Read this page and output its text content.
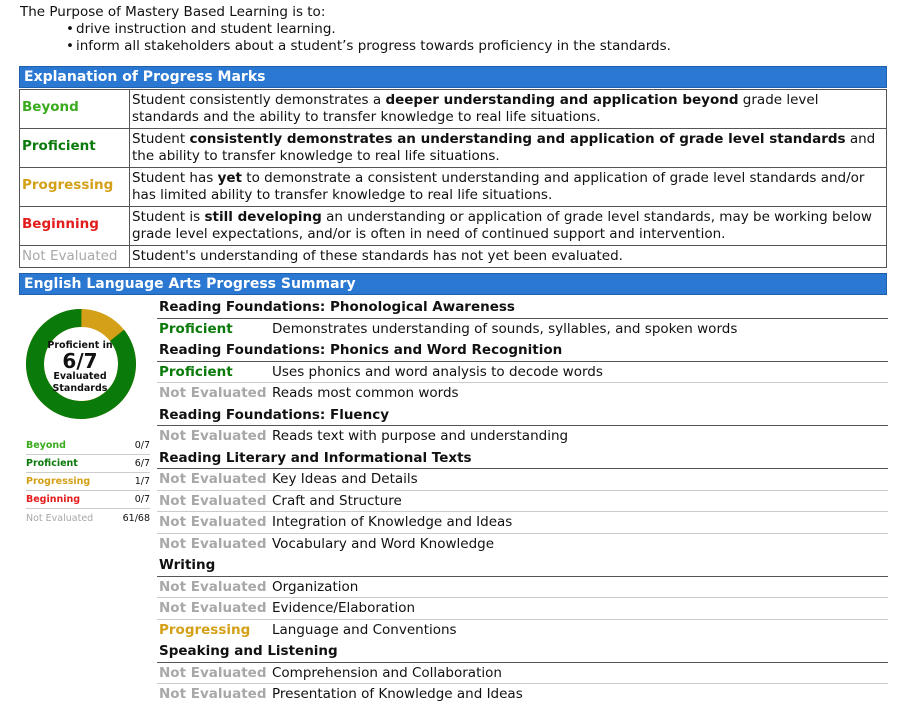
The Purpose of Mastery Based Learning is to:
• drive instruction and student learning.
• inform all stakeholders about a student’s progress towards proficiency in the standards.
Explanation of Progress Marks
Beyond	Student consistently demonstrates a deeper understanding and application beyond grade level standards and the ability to transfer knowledge to real life situations.
Proficient	Student consistently demonstrates an understanding and application of grade level standards and the ability to transfer knowledge to real life situations.
Progressing	Student has yet to demonstrate a consistent understanding and application of grade level standards and/or has limited ability to transfer knowledge to real life situations.
Beginning	Student is still developing an understanding or application of grade level standards, may be working below grade level expectations, and/or is often in need of continued support and intervention.
Not Evaluated	Student's understanding of these standards has not yet been evaluated.
English Language Arts Progress Summary
Proficient in
6/7
Evaluated
Standards
Beyond	0/7
Proficient	6/7
Progressing	1/7
Beginning	0/7
Not Evaluated	61/68
Reading Foundations: Phonological Awareness
Proficient	Demonstrates understanding of sounds, syllables, and spoken words
Reading Foundations: Phonics and Word Recognition
Proficient	Uses phonics and word analysis to decode words
Not Evaluated Reads most common words
Reading Foundations: Fluency
Not Evaluated Reads text with purpose and understanding
Reading Literary and Informational Texts
Not Evaluated Key Ideas and Details
Not Evaluated Craft and Structure
Not Evaluated Integration of Knowledge and Ideas
Not Evaluated Vocabulary and Word Knowledge
Writing
Not Evaluated Organization
Not Evaluated Evidence/Elaboration
Progressing	Language and Conventions
Speaking and Listening
Not Evaluated Comprehension and Collaboration
Not Evaluated Presentation of Knowledge and Ideas
